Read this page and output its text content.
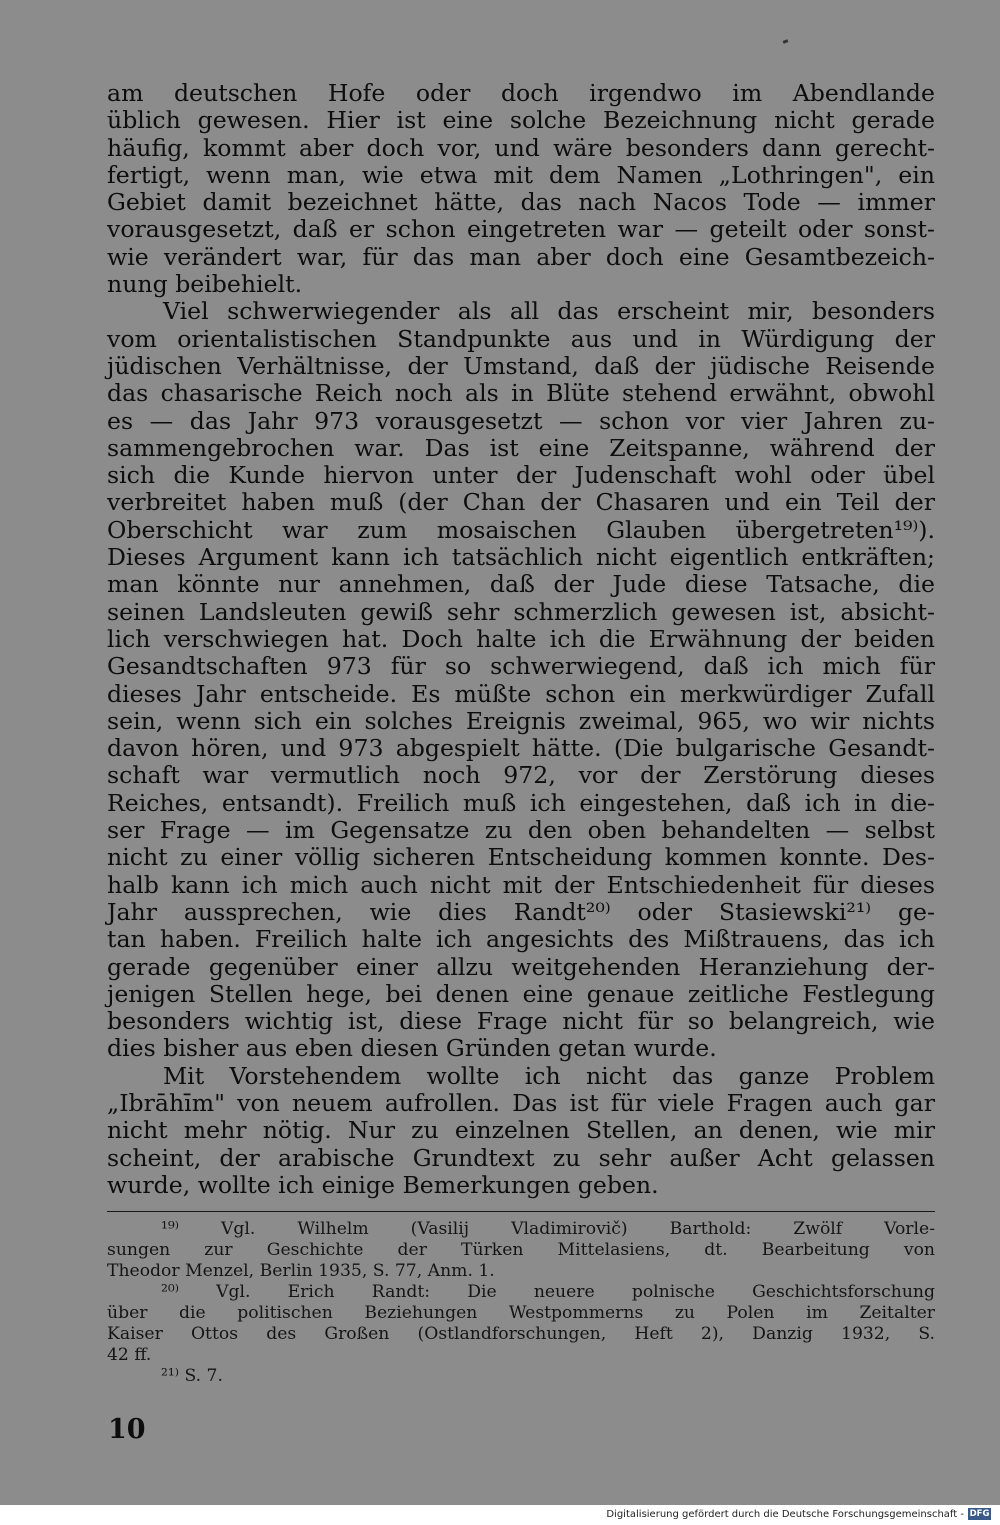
am deutschen Hofe oder doch irgendwo im Abendlande
üblich gewesen. Hier ist eine solche Bezeichnung nicht gerade
häufig, kommt aber doch vor, und wäre besonders dann gerecht-
fertigt, wenn man, wie etwa mit dem Namen „Lothringen", ein
Gebiet damit bezeichnet hätte, das nach Nacos Tode — immer
vorausgesetzt, daß er schon eingetreten war — geteilt oder sonst-
wie verändert war, für das man aber doch eine Gesamtbezeich-
nung beibehielt.
Viel schwerwiegender als all das erscheint mir, besonders
vom orientalistischen Standpunkte aus und in Würdigung der
jüdischen Verhältnisse, der Umstand, daß der jüdische Reisende
das chasarische Reich noch als in Blüte stehend erwähnt, obwohl
es — das Jahr 973 vorausgesetzt — schon vor vier Jahren zu-
sammengebrochen war. Das ist eine Zeitspanne, während der
sich die Kunde hiervon unter der Judenschaft wohl oder übel
verbreitet haben muß (der Chan der Chasaren und ein Teil der
Oberschicht war zum mosaischen Glauben übergetreten¹⁹⁾).
Dieses Argument kann ich tatsächlich nicht eigentlich entkräften;
man könnte nur annehmen, daß der Jude diese Tatsache, die
seinen Landsleuten gewiß sehr schmerzlich gewesen ist, absicht-
lich verschwiegen hat. Doch halte ich die Erwähnung der beiden
Gesandtschaften 973 für so schwerwiegend, daß ich mich für
dieses Jahr entscheide. Es müßte schon ein merkwürdiger Zufall
sein, wenn sich ein solches Ereignis zweimal, 965, wo wir nichts
davon hören, und 973 abgespielt hätte. (Die bulgarische Gesandt-
schaft war vermutlich noch 972, vor der Zerstörung dieses
Reiches, entsandt). Freilich muß ich eingestehen, daß ich in die-
ser Frage — im Gegensatze zu den oben behandelten — selbst
nicht zu einer völlig sicheren Entscheidung kommen konnte. Des-
halb kann ich mich auch nicht mit der Entschiedenheit für dieses
Jahr aussprechen, wie dies Randt²⁰⁾ oder Stasiewski²¹⁾ ge-
tan haben. Freilich halte ich angesichts des Mißtrauens, das ich
gerade gegenüber einer allzu weitgehenden Heranziehung der-
jenigen Stellen hege, bei denen eine genaue zeitliche Festlegung
besonders wichtig ist, diese Frage nicht für so belangreich, wie
dies bisher aus eben diesen Gründen getan wurde.
Mit Vorstehendem wollte ich nicht das ganze Problem
„Ibrāhīm" von neuem aufrollen. Das ist für viele Fragen auch gar
nicht mehr nötig. Nur zu einzelnen Stellen, an denen, wie mir
scheint, der arabische Grundtext zu sehr außer Acht gelassen
wurde, wollte ich einige Bemerkungen geben.
¹⁹⁾ Vgl. Wilhelm (Vasilij Vladimirovič) Barthold: Zwölf Vorle-
sungen zur Geschichte der Türken Mittelasiens, dt. Bearbeitung von
Theodor Menzel, Berlin 1935, S. 77, Anm. 1.
²⁰⁾ Vgl. Erich Randt: Die neuere polnische Geschichtsforschung
über die politischen Beziehungen Westpommerns zu Polen im Zeitalter
Kaiser Ottos des Großen (Ostlandforschungen, Heft 2), Danzig 1932, S.
42 ff.
²¹⁾ S. 7.
10
Digitalisierung gefördert durch die Deutsche Forschungsgemeinschaft - DFG
